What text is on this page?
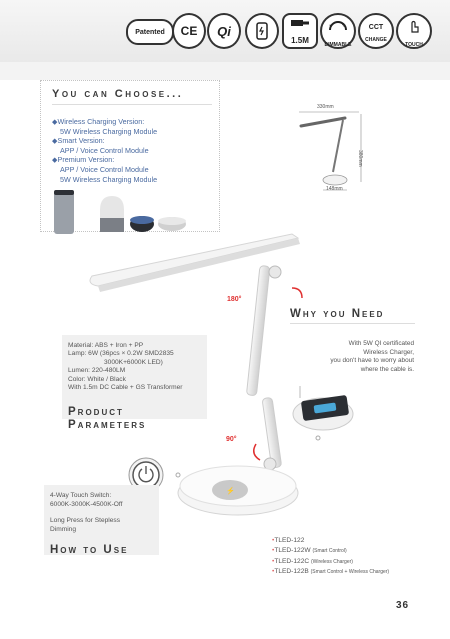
Patented CE Qi
1.5M
− +
DIMMABLE
CCT
CHANGE
TOUCH
You can Choose...
◆Wireless Charging Version:
5W Wireless Charging Module
◆Smart Version:
APP / Voice Control Module
◆Premium Version:
APP / Voice Control Module
5W Wireless Charging Module
330mm
380mm
148mm
⚡
180°
90°
Why you Need
With 5W QI certificated
Wireless Charger,
you don't have to worry about
where the cable is.
Material: ABS + Iron + PP
Lamp: 6W (36pcs × 0.2W SMD2835
3000K+6000K LED)
Lumen: 220-480LM
Color: White / Black
With 1.5m DC Cable + GS Transformer
Product
Parameters
4-Way Touch Switch:
6000K-3000K-4500K-Off
Long Press for Stepless
Dimming
How to Use
•TLED-122
•TLED-122W (Smart Control)
•TLED-122C (Wireless Charger)
•TLED-122B (Smart Control + Wireless Charger)
36
